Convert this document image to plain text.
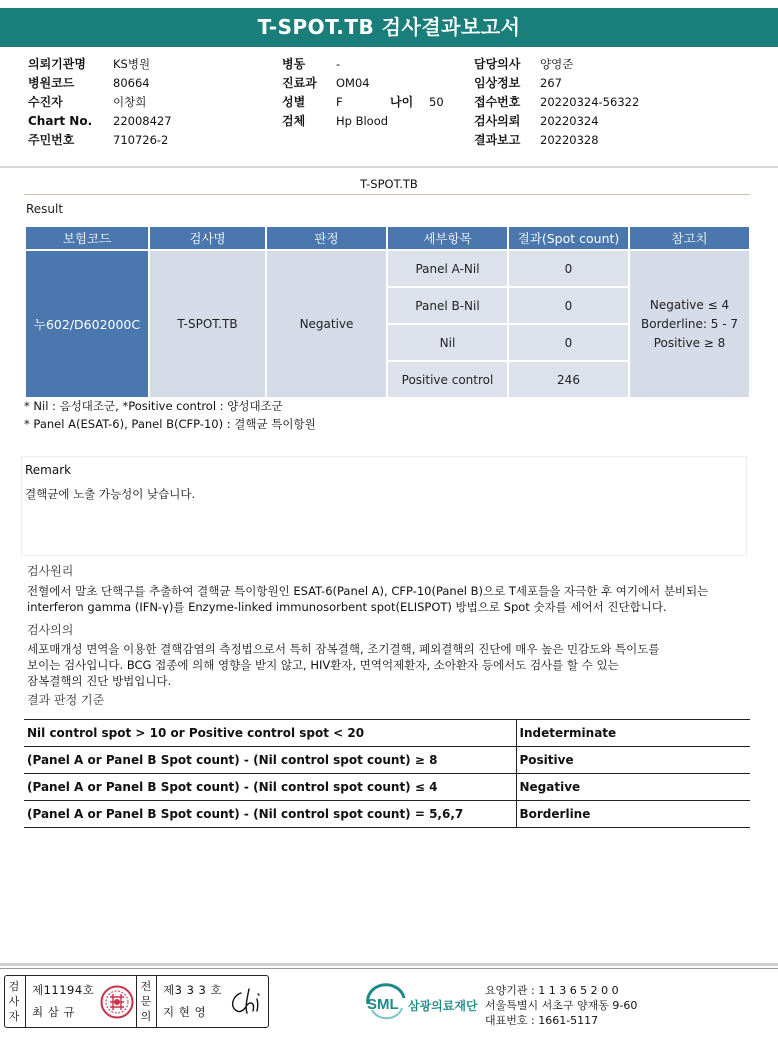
T-SPOT.TB 검사결과보고서
의뢰기관명	KS병원
병원코드	80664
수진자	이창희
Chart No.	22008427
주민번호	710726-2
병동	-
진료과	OM04
성별	F	나이	50
검체	Hp Blood
담당의사	양영준
임상정보	267
접수번호	20220324-56322
검사의뢰	20220324
결과보고	20220328
T-SPOT.TB
Result
보험코드	검사명	판정	세부항목	결과(Spot count)	참고치
누602/D602000C	T-SPOT.TB	Negative	Panel A-Nil	0	Negative ≤ 4
Borderline: 5 - 7
Positive ≥ 8

			Panel B-Nil	0	
			Nil	0	
			Positive control	246	
* Nil : 음성대조군, *Positive control : 양성대조군
* Panel A(ESAT-6), Panel B(CFP-10) : 결핵균 특이항원
Remark
결핵균에 노출 가능성이 낮습니다.
검사원리
전혈에서 말초 단핵구를 추출하여 결핵균 특이항원인 ESAT-6(Panel A), CFP-10(Panel B)으로 T세포들을 자극한 후 여기에서 분비되는
interferon gamma (IFN-γ)를 Enzyme-linked immunosorbent spot(ELISPOT) 방법으로 Spot 숫자를 세어서 진단합니다.
검사의의
세포매개성 면역을 이용한 결핵감염의 측정법으로서 특히 잠복결핵, 조기결핵, 폐외결핵의 진단에 매우 높은 민감도와 특이도를
보이는 검사입니다. BCG 접종에 의해 영향을 받지 않고, HIV환자, 면역억제환자, 소아환자 등에서도 검사를 할 수 있는
잠복결핵의 진단 방법입니다.
결과 판정 기준
Nil control spot > 10 or Positive control spot < 20	Indeterminate
(Panel A or Panel B Spot count) - (Nil control spot count) ≥ 8	Positive
(Panel A or Panel B Spot count) - (Nil control spot count) ≤ 4	Negative
(Panel A or Panel B Spot count) - (Nil control spot count) = 5,6,7	Borderline
검
사
자
제11194호
최 삼 규
전
문
의
제3 3 3 호
지 현 영	SML 삼광의료재단
요양기관 : 1 1 3 6 5 2 0 0
서울특별시 서초구 양재동 9-60
대표번호 : 1661-5117
